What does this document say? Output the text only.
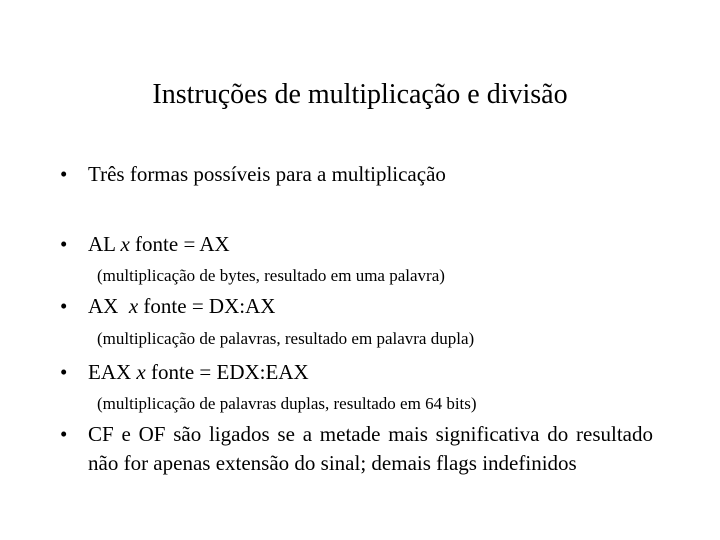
Instruções de multiplicação e divisão
• Três formas possíveis para a multiplicação
• AL x fonte = AX
(multiplicação de bytes, resultado em uma palavra)
• AX  x fonte = DX:AX
(multiplicação de palavras, resultado em palavra dupla)
• EAX x fonte = EDX:EAX
(multiplicação de palavras duplas, resultado em 64 bits)
• CF e OF são ligados se a metade mais significativa do resultado não for apenas extensão do sinal; demais flags indefinidos
